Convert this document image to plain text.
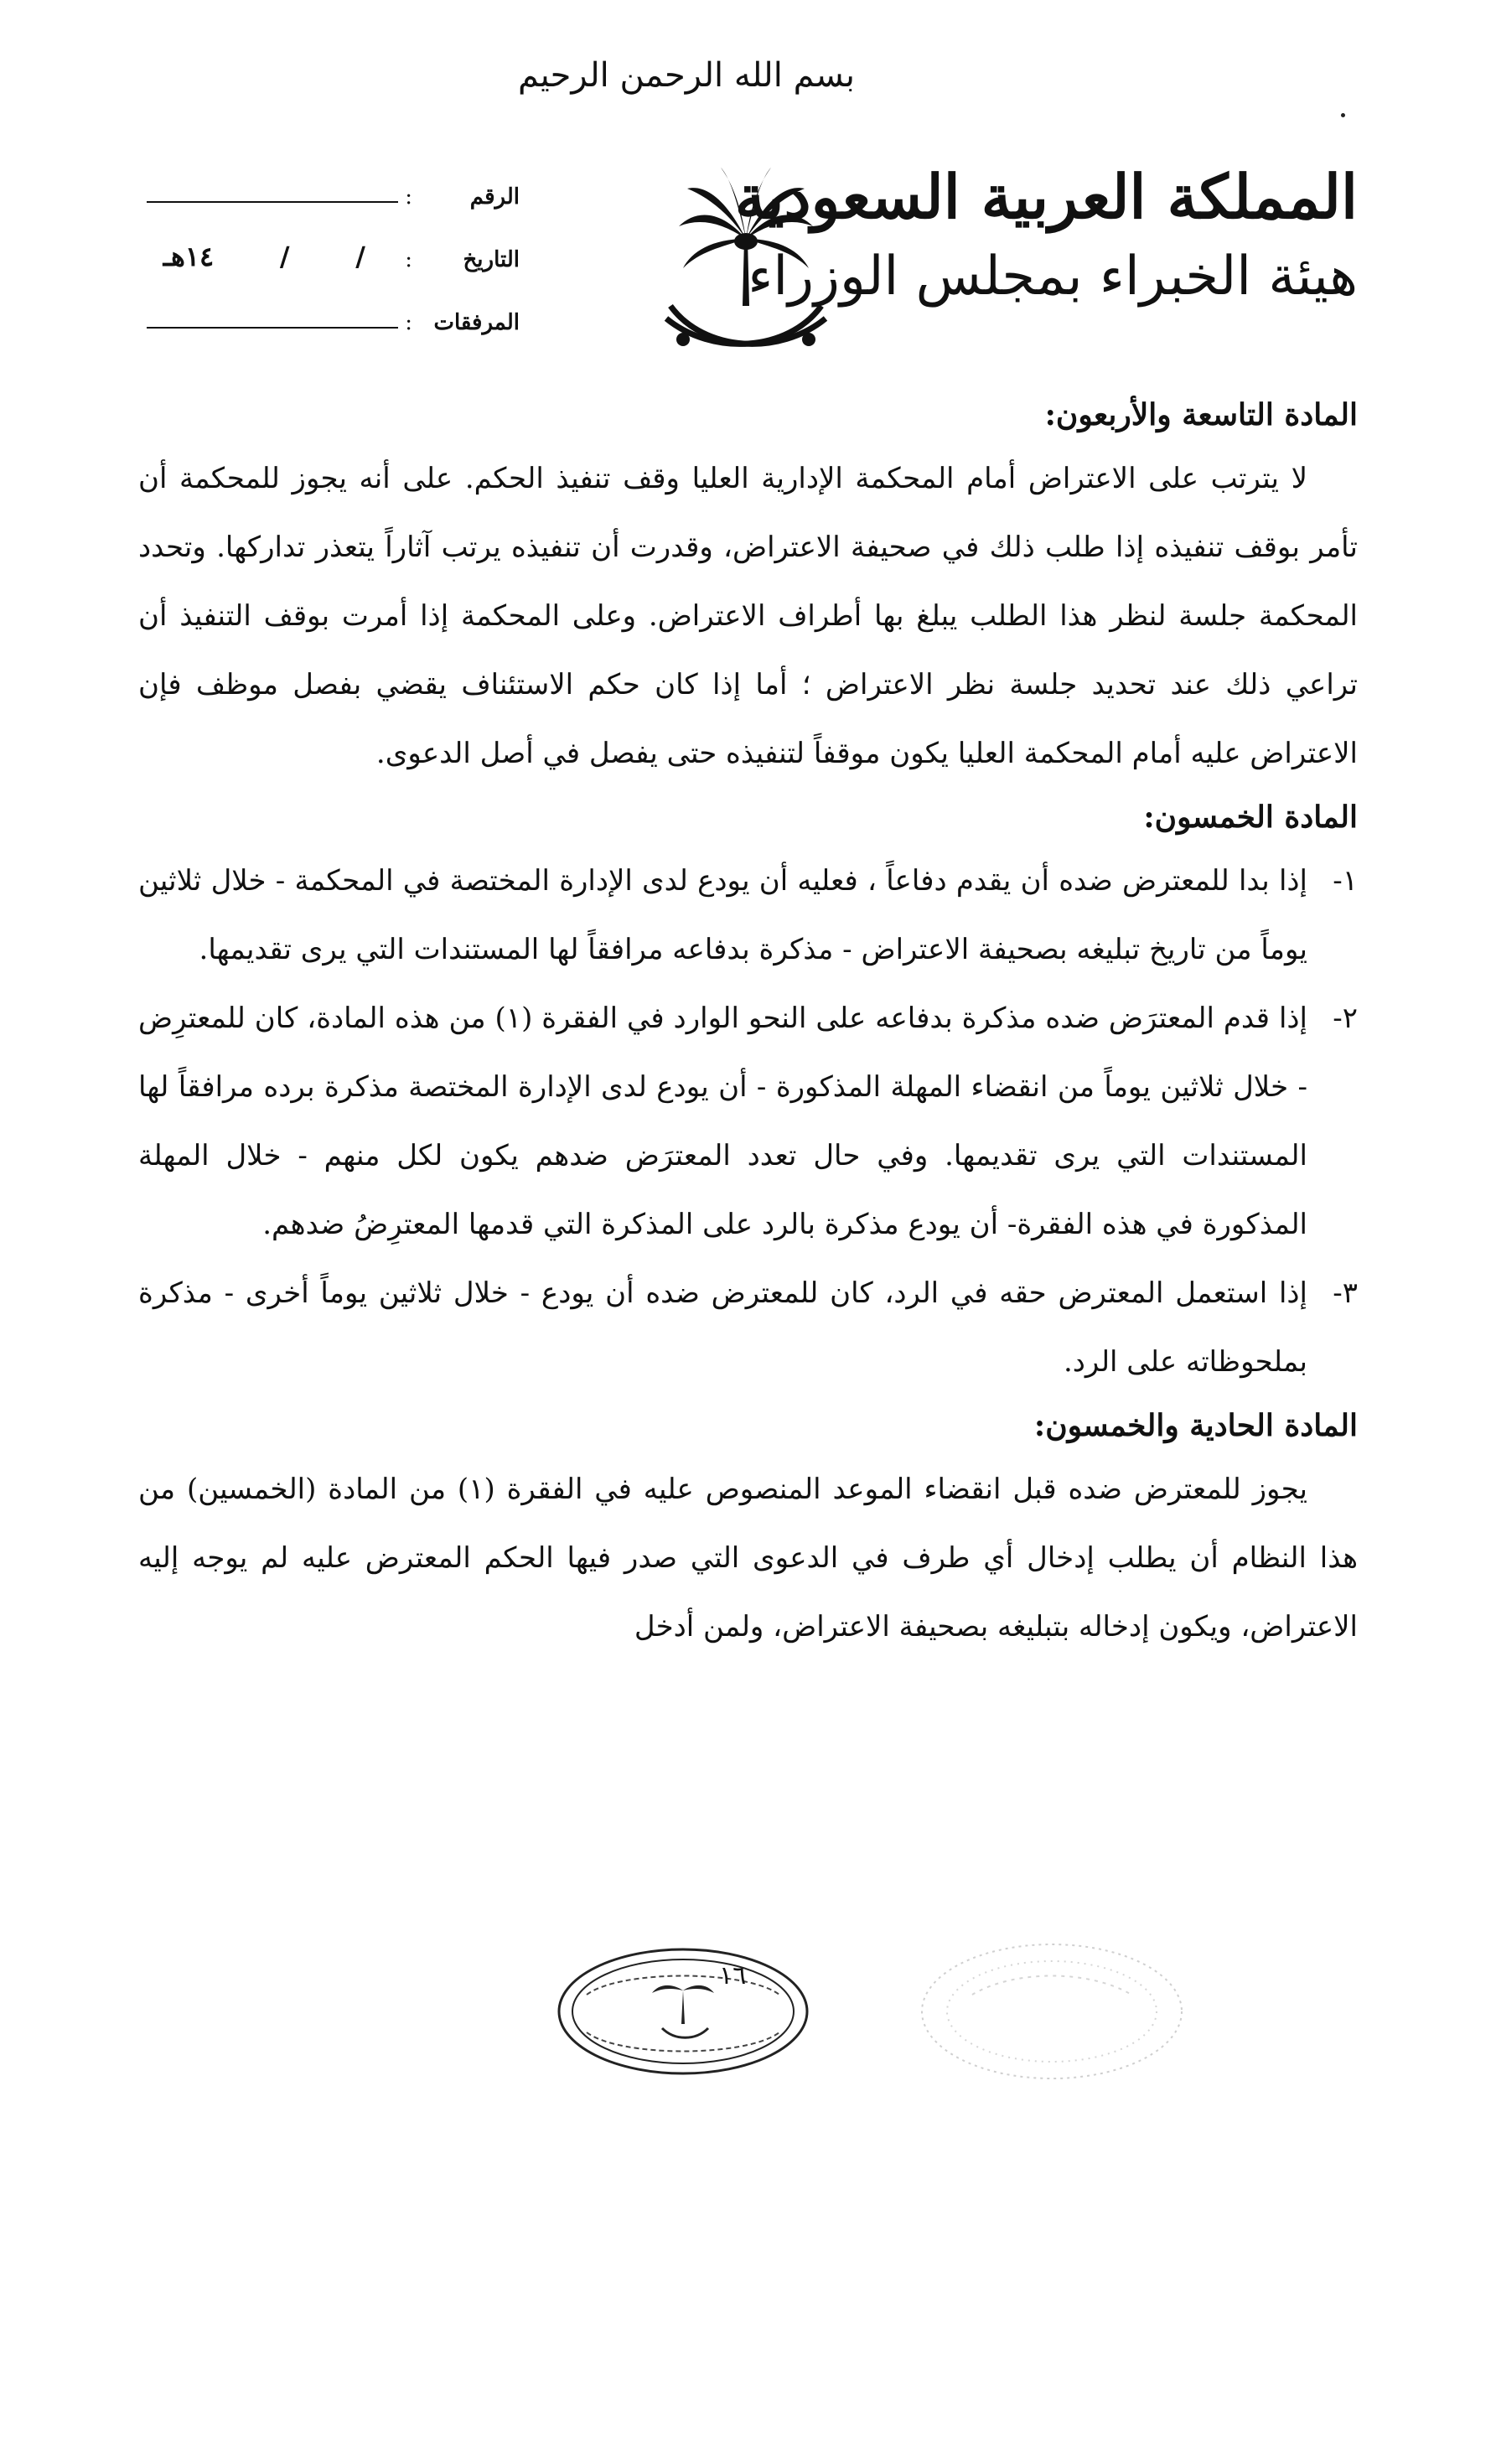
بسم الله الرحمن الرحيم
المملكة العربية السعودية
هيئة الخبراء بمجلس الوزراء
الرقم
:
التاريخ
:
/
/
١٤هـ
المرفقات
:
المادة التاسعة والأربعون:

لا يترتب على الاعتراض أمام المحكمة الإدارية العليا وقف تنفيذ الحكم. على أنه يجوز للمحكمة أن تأمر بوقف تنفيذه إذا طلب ذلك في صحيفة الاعتراض، وقدرت أن تنفيذه يرتب آثاراً يتعذر تداركها. وتحدد المحكمة جلسة لنظر هذا الطلب يبلغ بها أطراف الاعتراض. وعلى المحكمة إذا أمرت بوقف التنفيذ أن تراعي ذلك عند تحديد جلسة نظر الاعتراض ؛ أما إذا كان حكم الاستئناف يقضي بفصل موظف فإن الاعتراض عليه أمام المحكمة العليا يكون موقفاً لتنفيذه حتى يفصل في أصل الدعوى.

المادة الخمسون:
١-
إذا بدا للمعترض ضده أن يقدم دفاعاً ، فعليه أن يودع لدى الإدارة المختصة في المحكمة - خلال ثلاثين يوماً من تاريخ تبليغه بصحيفة الاعتراض - مذكرة بدفاعه مرافقاً لها المستندات التي يرى تقديمها.
٢-
إذا قدم المعترَض ضده مذكرة بدفاعه على النحو الوارد في الفقرة (١) من هذه المادة، كان للمعترِض - خلال ثلاثين يوماً من انقضاء المهلة المذكورة - أن يودع لدى الإدارة المختصة مذكرة برده مرافقاً لها المستندات التي يرى تقديمها. وفي حال تعدد المعترَض ضدهم يكون لكل منهم - خلال المهلة المذكورة في هذه الفقرة- أن يودع مذكرة بالرد على المذكرة التي قدمها المعترِضُ ضدهم.
٣-
إذا استعمل المعترض حقه في الرد، كان للمعترض ضده أن يودع - خلال ثلاثين يوماً أخرى - مذكرة بملحوظاته على الرد.
المادة الحادية والخمسون:

يجوز للمعترض ضده قبل انقضاء الموعد المنصوص عليه في الفقرة (١) من المادة (الخمسين) من هذا النظام أن يطلب إدخال أي طرف في الدعوى التي صدر فيها الحكم المعترض عليه لم يوجه إليه الاعتراض، ويكون إدخاله بتبليغه بصحيفة الاعتراض، ولمن أدخل

١٦
